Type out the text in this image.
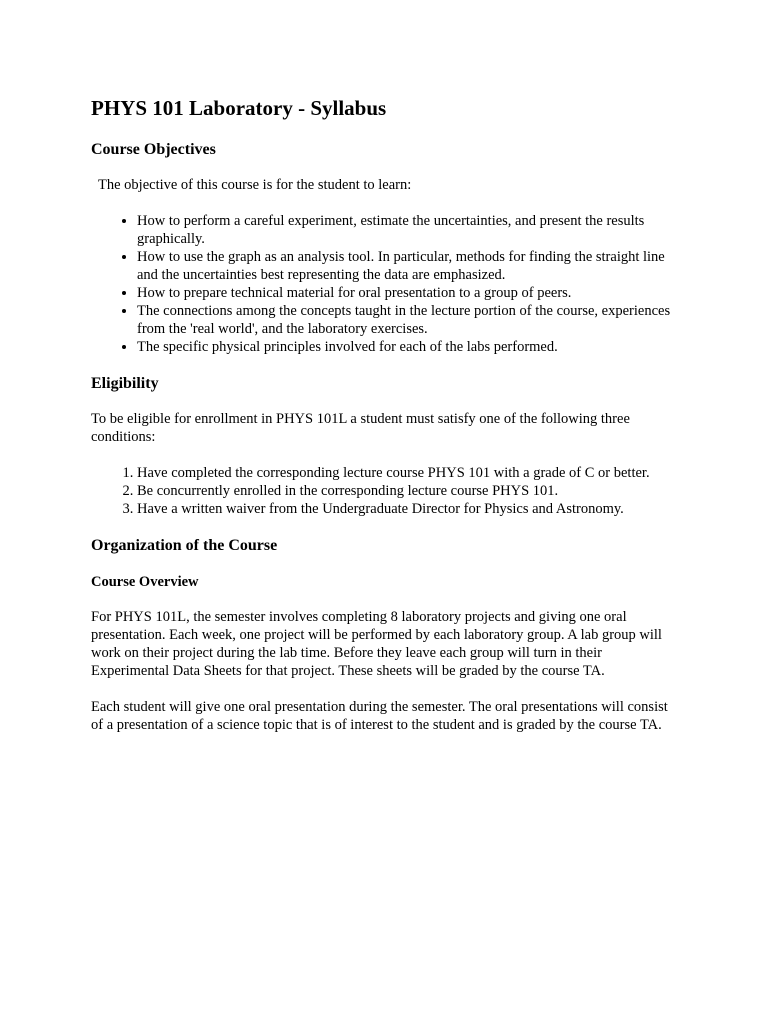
PHYS 101 Laboratory - Syllabus
Course Objectives

The objective of this course is for the student to learn:

• How to perform a careful experiment, estimate the uncertainties, and present the results graphically.
• How to use the graph as an analysis tool. In particular, methods for finding the straight line and the uncertainties best representing the data are emphasized.
• How to prepare technical material for oral presentation to a group of peers.
• The connections among the concepts taught in the lecture portion of the course, experiences from the 'real world', and the laboratory exercises.
• The specific physical principles involved for each of the labs performed.
Eligibility

To be eligible for enrollment in PHYS 101L a student must satisfy one of the following three conditions:

1. Have completed the corresponding lecture course PHYS 101 with a grade of C or better.
2. Be concurrently enrolled in the corresponding lecture course PHYS 101.
3. Have a written waiver from the Undergraduate Director for Physics and Astronomy.
Organization of the Course
Course Overview

For PHYS 101L, the semester involves completing 8 laboratory projects and giving one oral presentation. Each week, one project will be performed by each laboratory group. A lab group will work on their project during the lab time. Before they leave each group will turn in their Experimental Data Sheets for that project. These sheets will be graded by the course TA.

Each student will give one oral presentation during the semester. The oral presentations will consist of a presentation of a science topic that is of interest to the student and is graded by the course TA.
